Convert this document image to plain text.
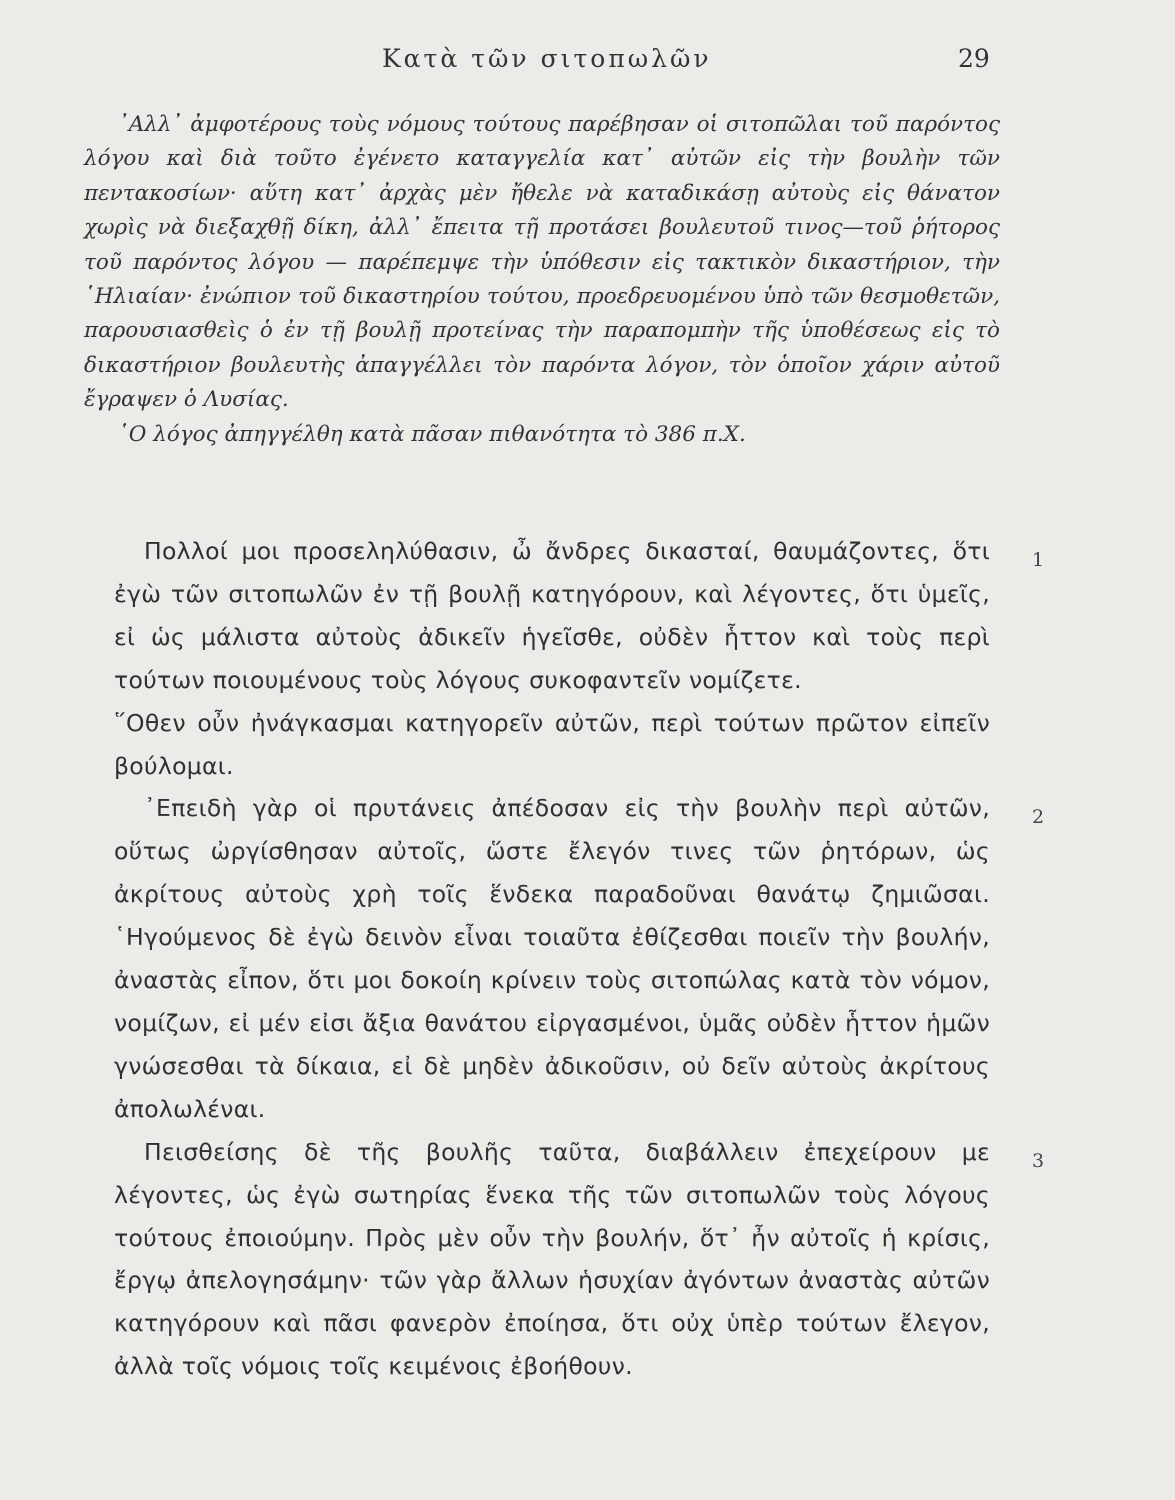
Κατὰ τῶν σιτοπωλῶν	29

᾿Αλλ᾿ ἀμφοτέρους τοὺς νόμους τούτους παρέβησαν οἱ σιτοπῶλαι τοῦ παρόντος λόγου καὶ διὰ τοῦτο ἐγένετο καταγγελία κατ᾿ αὐτῶν εἰς τὴν βουλὴν τῶν πεντακοσίων· αὕτη κατ᾿ ἀρχὰς μὲν ἤθελε νὰ καταδικάσῃ αὐτοὺς εἰς θάνατον χωρὶς νὰ διεξαχθῇ δίκη, ἀλλ᾿ ἔπειτα τῇ προτάσει βουλευτοῦ τινος—τοῦ ῥήτορος τοῦ παρόντος λόγου — παρέπεμψε τὴν ὑπόθεσιν εἰς τακτικὸν δικαστήριον, τὴν ῾Ηλιαίαν· ἐνώπιον τοῦ δικαστηρίου τούτου, προεδρευομένου ὑπὸ τῶν θεσμοθετῶν, παρουσιασθεὶς ὁ ἐν τῇ βουλῇ προτείνας τὴν παραπομπὴν τῆς ὑποθέσεως εἰς τὸ δικαστήριον βουλευτὴς ἀπαγγέλλει τὸν παρόντα λόγον, τὸν ὁποῖον χάριν αὐτοῦ ἔγραψεν ὁ Λυσίας.

῾Ο λόγος ἀπηγγέλθη κατὰ πᾶσαν πιθανότητα τὸ 386 π.Χ.

1
Πολλοί μοι προσεληλύθασιν, ὦ ἄνδρες δικασταί, θαυμάζοντες, ὅτι ἐγὼ τῶν σιτοπωλῶν ἐν τῇ βουλῇ κατηγόρουν, καὶ λέγοντες, ὅτι ὑμεῖς, εἰ ὡς μάλιστα αὐτοὺς ἀδικεῖν ἡγεῖσθε, οὐδὲν ἧττον καὶ τοὺς περὶ τούτων ποιουμένους τοὺς λόγους συκοφαντεῖν νομίζετε.

῞Οθεν οὖν ἠνάγκασμαι κατηγορεῖν αὐτῶν, περὶ τούτων πρῶτον εἰπεῖν βούλομαι.

2
᾿Επειδὴ γὰρ οἱ πρυτάνεις ἀπέδοσαν εἰς τὴν βουλὴν περὶ αὐτῶν, οὕτως ὠργίσθησαν αὐτοῖς, ὥστε ἔλεγόν τινες τῶν ῥητόρων, ὡς ἀκρίτους αὐτοὺς χρὴ τοῖς ἕνδεκα παραδοῦναι θανάτῳ ζημιῶσαι. ῾Ηγούμενος δὲ ἐγὼ δεινὸν εἶναι τοιαῦτα ἐθίζεσθαι ποιεῖν τὴν βουλήν, ἀναστὰς εἶπον, ὅτι μοι δοκοίη κρίνειν τοὺς σιτοπώλας κατὰ τὸν νόμον, νομίζων, εἰ μέν εἰσι ἄξια θανάτου εἰργασμένοι, ὑμᾶς οὐδὲν ἧττον ἡμῶν γνώσεσθαι τὰ δίκαια, εἰ δὲ μηδὲν ἀδικοῦσιν, οὐ δεῖν αὐτοὺς ἀκρίτους ἀπολωλέναι.

3
Πεισθείσης δὲ τῆς βουλῆς ταῦτα, διαβάλλειν ἐπεχείρουν με λέγοντες, ὡς ἐγὼ σωτηρίας ἕνεκα τῆς τῶν σιτοπωλῶν τοὺς λόγους τούτους ἐποιούμην. Πρὸς μὲν οὖν τὴν βουλήν, ὅτ᾿ ἦν αὐτοῖς ἡ κρίσις, ἔργῳ ἀπελογησάμην· τῶν γὰρ ἄλλων ἡσυχίαν ἀγόντων ἀναστὰς αὐτῶν κατηγόρουν καὶ πᾶσι φανερὸν ἐποίησα, ὅτι οὐχ ὑπὲρ τούτων ἔλεγον, ἀλλὰ τοῖς νόμοις τοῖς κειμένοις ἐβοήθουν.
